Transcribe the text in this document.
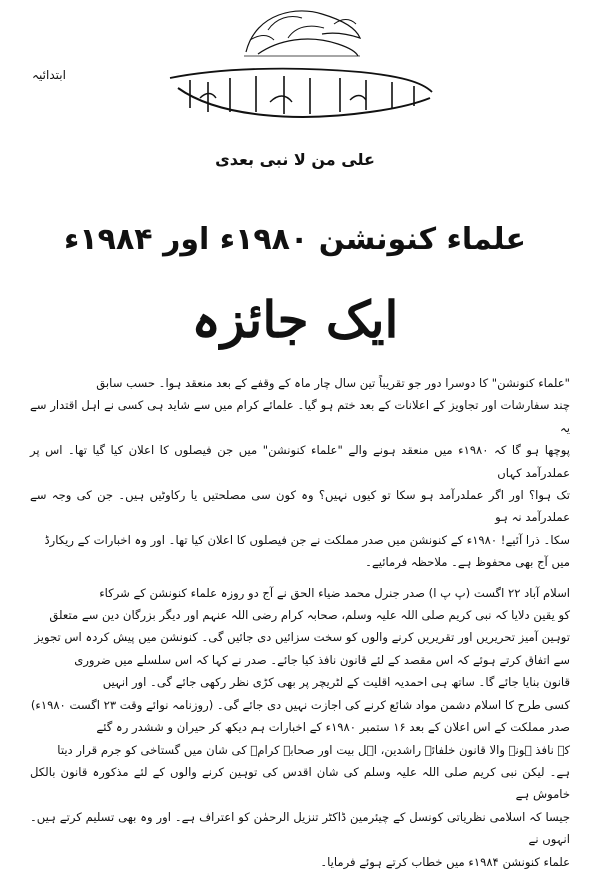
ابتدائیہ
علی من لا نبی بعدی
علماء کنونشن ۱۹۸۰ء اور ۱۹۸۴ء
ایک جائزہ

"علماء کنونشن" کا دوسرا دور جو تقریباً تین سال چار ماہ کے وقفے کے بعد منعقد ہوا۔ حسب سابق

چند سفارشات اور تجاویز کے اعلانات کے بعد ختم ہو گیا۔ علمائے کرام میں سے شاید ہی کسی نے اہل اقتدار سے یہ

پوچھا ہو گا کہ ۱۹۸۰ء میں منعقد ہونے والے "علماء کنونشن" میں جن فیصلوں کا اعلان کیا گیا تھا۔ اس پر عملدرآمد کہاں

تک ہوا؟ اور اگر عملدرآمد ہو سکا تو کیوں نہیں؟ وہ کون سی مصلحتیں یا رکاوٹیں ہیں۔ جن کی وجہ سے عملدرآمد نہ ہو

سکا۔ ذرا آئیے! ۱۹۸۰ء کے کنونشن میں صدر مملکت نے جن فیصلوں کا اعلان کیا تھا۔ اور وہ اخبارات کے ریکارڈ

میں آج بھی محفوظ ہے۔ ملاحظہ فرمائیے۔

اسلام آباد ۲۲ اگست (پ پ ا) صدر جنرل محمد ضیاء الحق نے آج دو روزہ علماء کنونشن کے شرکاء

کو یقین دلایا کہ نبی کریم صلی اللہ علیہ وسلم، صحابہ کرام رضی اللہ عنہم اور دیگر بزرگان دین سے متعلق

توہین آمیز تحریریں اور تقریریں کرنے والوں کو سخت سزائیں دی جائیں گی۔ کنونشن میں پیش کردہ اس تجویز

سے اتفاق کرتے ہوئے کہ اس مقصد کے لئے قانون نافذ کیا جائے۔ صدر نے کہا کہ اس سلسلے میں ضروری

قانون بنایا جائے گا۔ ساتھ ہی احمدیہ اقلیت کے لٹریچر پر بھی کڑی نظر رکھی جائے گی۔ اور انہیں

کسی طرح کا اسلام دشمن مواد شائع کرنے کی اجازت نہیں دی جائے گی۔ (روزنامہ نوائے وقت ۲۳ اگست ۱۹۸۰ء)

صدر مملکت کے اس اعلان کے بعد ۱۶ ستمبر ۱۹۸۰ء کے اخبارات ہم دیکھ کر حیران و ششدر رہ گئے

کہ نافذ ہونے والا قانون خلفائے راشدین، اہل بیت اور صحابہ کرامؓ کی شان میں گستاخی کو جرم قرار دیتا

ہے۔ لیکن نبی کریم صلی اللہ علیہ وسلم کی شان اقدس کی توہین کرنے والوں کے لئے مذکورہ قانون بالکل خاموش ہے

جیسا کہ اسلامی نظریاتی کونسل کے چیئرمین ڈاکٹر تنزیل الرحمٰن کو اعتراف ہے۔ اور وہ بھی تسلیم کرتے ہیں۔ انہوں نے

علماء کنونشن ۱۹۸۴ء میں خطاب کرتے ہوئے فرمایا۔
